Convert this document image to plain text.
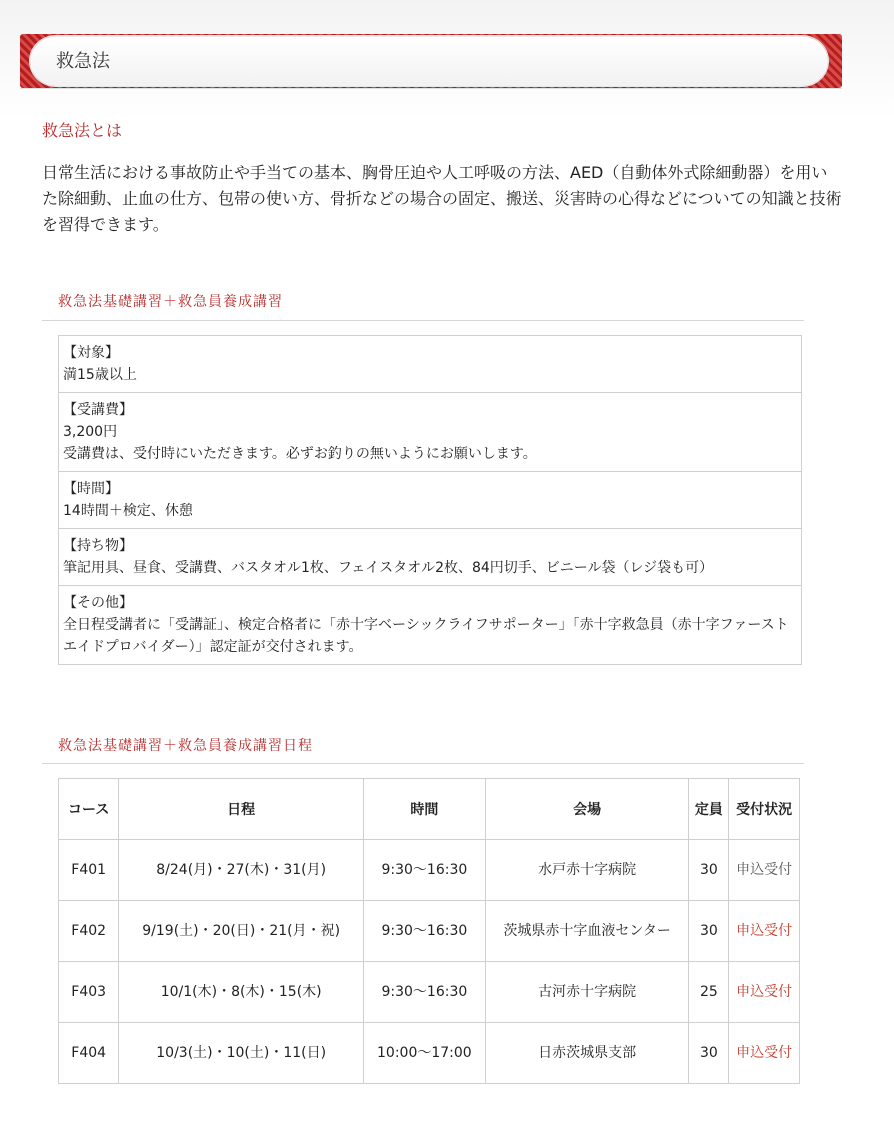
救急法
救急法とは
日常生活における事故防止や手当ての基本、胸骨圧迫や人工呼吸の方法、AED（自動体外式除細動器）を用いた除細動、止血の仕方、包帯の使い方、骨折などの場合の固定、搬送、災害時の心得などについての知識と技術を習得できます。
救急法基礎講習＋救急員養成講習
【対象】
満15歳以上
【受講費】
3,200円
受講費は、受付時にいただきます。必ずお釣りの無いようにお願いします。
【時間】
14時間＋検定、休憩
【持ち物】
筆記用具、昼食、受講費、バスタオル1枚、フェイスタオル2枚、84円切手、ビニール袋（レジ袋も可）
【その他】
全日程受講者に「受講証」、検定合格者に「赤十字ベーシックライフサポーター」「赤十字救急員（赤十字ファーストエイドプロバイダー）」認定証が交付されます。
救急法基礎講習＋救急員養成講習日程
コース	日程	時間	会場	定員	受付状況
F401	8/24(月)・27(木)・31(月)	9:30〜16:30	水戸赤十字病院	30	申込受付
F402	9/19(土)・20(日)・21(月・祝)	9:30〜16:30	茨城県赤十字血液センター	30	申込受付
F403	10/1(木)・8(木)・15(木)	9:30〜16:30	古河赤十字病院	25	申込受付
F404	10/3(土)・10(土)・11(日)	10:00〜17:00	日赤茨城県支部	30	申込受付
